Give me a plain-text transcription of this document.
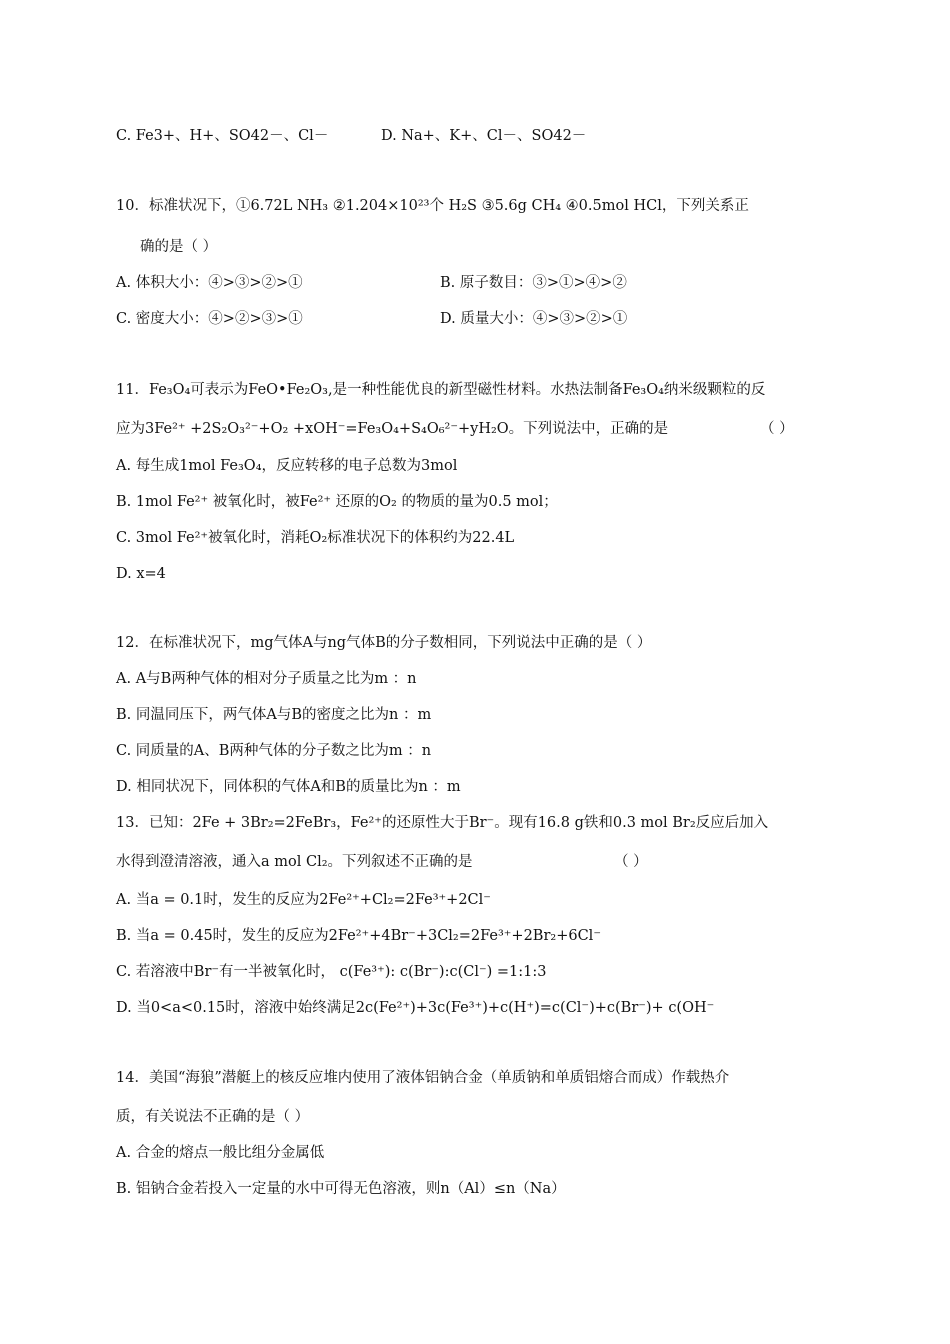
C. Fe3+、H+、SO42－、Cl－	D. Na+、K+、Cl－、SO42－
10．标准状况下，①6.72L NH₃ ②1.204×10²³个 H₂S ③5.6g CH₄ ④0.5mol HCl，下列关系正
确的是（ ）
A. 体积大小：④>③>②>①	B. 原子数目：③>①>④>②
C. 密度大小：④>②>③>①	D. 质量大小：④>③>②>①
11．Fe₃O₄可表示为FeO•Fe₂O₃,是一种性能优良的新型磁性材料。水热法制备Fe₃O₄纳米级颗粒的反
应为3Fe²⁺ +2S₂O₃²⁻+O₂ +xOH⁻=Fe₃O₄+S₄O₆²⁻+yH₂O。下列说法中，正确的是	（ ）
A. 每生成1mol Fe₃O₄，反应转移的电子总数为3mol
B. 1mol Fe²⁺ 被氧化时，被Fe²⁺ 还原的O₂ 的物质的量为0.5 mol；
C. 3mol Fe²⁺被氧化时，消耗O₂标准状况下的体积约为22.4L
D. x=4
12．在标准状况下，mg气体A与ng气体B的分子数相同，下列说法中正确的是（ ）
A. A与B两种气体的相对分子质量之比为m ：n
B. 同温同压下，两气体A与B的密度之比为n ：m
C. 同质量的A、B两种气体的分子数之比为m ：n
D. 相同状况下，同体积的气体A和B的质量比为n ：m
13．已知：2Fe + 3Br₂=2FeBr₃，Fe²⁺的还原性大于Br⁻。现有16.8 g铁和0.3 mol Br₂反应后加入
水得到澄清溶液，通入a mol Cl₂。下列叙述不正确的是	（ ）
A. 当a = 0.1时，发生的反应为2Fe²⁺+Cl₂=2Fe³⁺+2Cl⁻
B. 当a = 0.45时，发生的反应为2Fe²⁺+4Br⁻+3Cl₂=2Fe³⁺+2Br₂+6Cl⁻
C. 若溶液中Br⁻有一半被氧化时， c(Fe³⁺): c(Br⁻):c(Cl⁻) =1:1:3
D. 当0<a<0.15时，溶液中始终满足2c(Fe²⁺)+3c(Fe³⁺)+c(H⁺)=c(Cl⁻)+c(Br⁻)+ c(OH⁻
14．美国“海狼”潜艇上的核反应堆内使用了液体铝钠合金（单质钠和单质铝熔合而成）作载热介
质，有关说法不正确的是（ ）
A. 合金的熔点一般比组分金属低
B. 铝钠合金若投入一定量的水中可得无色溶液，则n（Al）≤n（Na）
